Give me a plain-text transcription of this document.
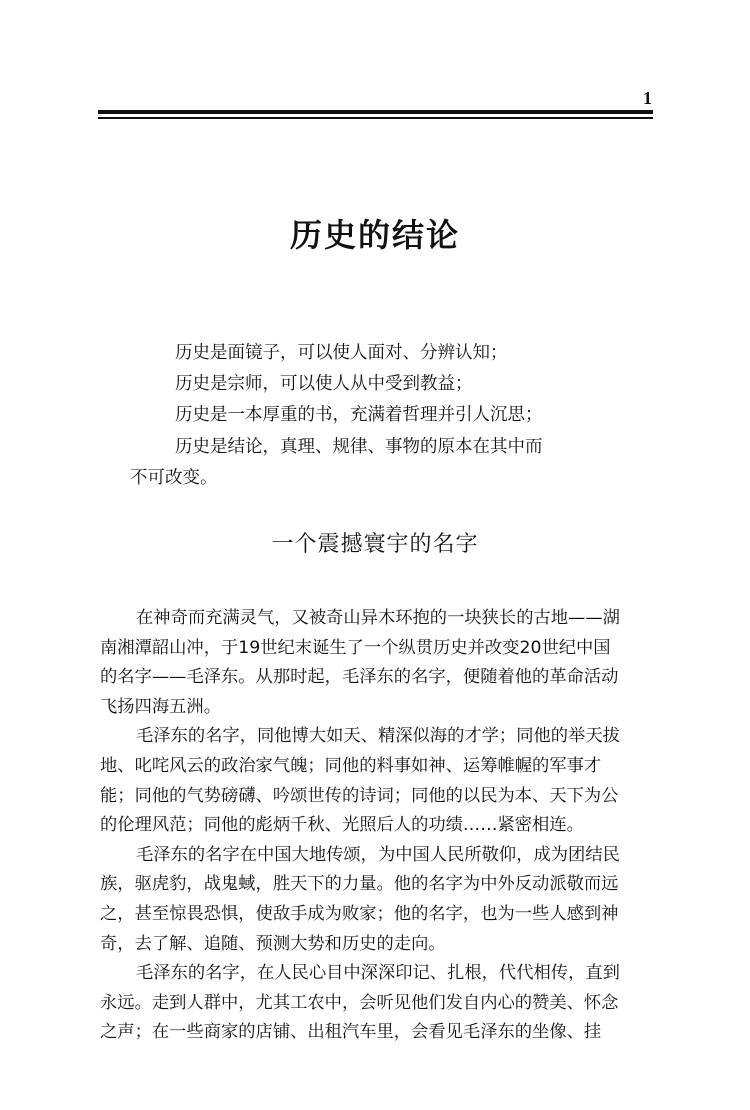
1
历史的结论
历史是面镜子，可以使人面对、分辨认知；
历史是宗师，可以使人从中受到教益；
历史是一本厚重的书，充满着哲理并引人沉思；
历史是结论，真理、规律、事物的原本在其中而
不可改变。
一个震撼寰宇的名字
在神奇而充满灵气，又被奇山异木环抱的一块狭长的古地——湖
南湘潭韶山冲，于19世纪末诞生了一个纵贯历史并改变20世纪中国
的名字——毛泽东。从那时起，毛泽东的名字，便随着他的革命活动
飞扬四海五洲。
毛泽东的名字，同他博大如天、精深似海的才学；同他的举天拔
地、叱咤风云的政治家气魄；同他的料事如神、运筹帷幄的军事才
能；同他的气势磅礴、吟颂世传的诗词；同他的以民为本、天下为公
的伦理风范；同他的彪炳千秋、光照后人的功绩……紧密相连。
毛泽东的名字在中国大地传颂，为中国人民所敬仰，成为团结民
族，驱虎豹，战鬼蜮，胜天下的力量。他的名字为中外反动派敬而远
之，甚至惊畏恐惧，使敌手成为败家；他的名字，也为一些人感到神
奇，去了解、追随、预测大势和历史的走向。
毛泽东的名字，在人民心目中深深印记、扎根，代代相传，直到
永远。走到人群中，尤其工农中，会听见他们发自内心的赞美、怀念
之声；在一些商家的店铺、出租汽车里，会看见毛泽东的坐像、挂
